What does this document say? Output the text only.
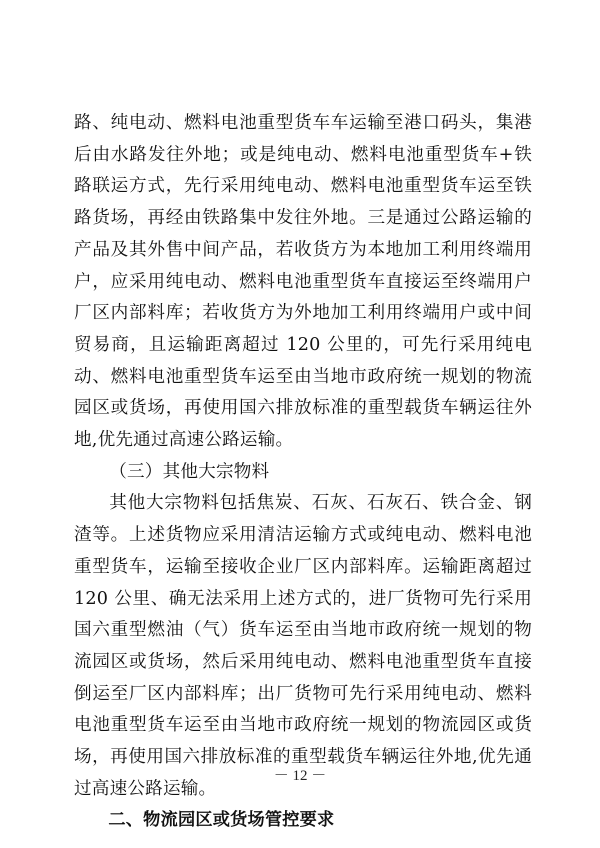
路、纯电动、燃料电池重型货车车运输至港口码头，集港后由水路发往外地；或是纯电动、燃料电池重型货车+铁路联运方式，先行采用纯电动、燃料电池重型货车运至铁路货场，再经由铁路集中发往外地。三是通过公路运输的产品及其外售中间产品，若收货方为本地加工利用终端用户，应采用纯电动、燃料电池重型货车直接运至终端用户厂区内部料库；若收货方为外地加工利用终端用户或中间贸易商，且运输距离超过 120 公里的，可先行采用纯电动、燃料电池重型货车运至由当地市政府统一规划的物流园区或货场，再使用国六排放标准的重型载货车辆运往外地,优先通过高速公路运输。

（三）其他大宗物料

其他大宗物料包括焦炭、石灰、石灰石、铁合金、钢渣等。上述货物应采用清洁运输方式或纯电动、燃料电池重型货车，运输至接收企业厂区内部料库。运输距离超过 120 公里、确无法采用上述方式的，进厂货物可先行采用国六重型燃油（气）货车运至由当地市政府统一规划的物流园区或货场，然后采用纯电动、燃料电池重型货车直接倒运至厂区内部料库；出厂货物可先行采用纯电动、燃料电池重型货车运至由当地市政府统一规划的物流园区或货场，再使用国六排放标准的重型载货车辆运往外地,优先通过高速公路运输。

二、物流园区或货场管控要求

－ 12 －
